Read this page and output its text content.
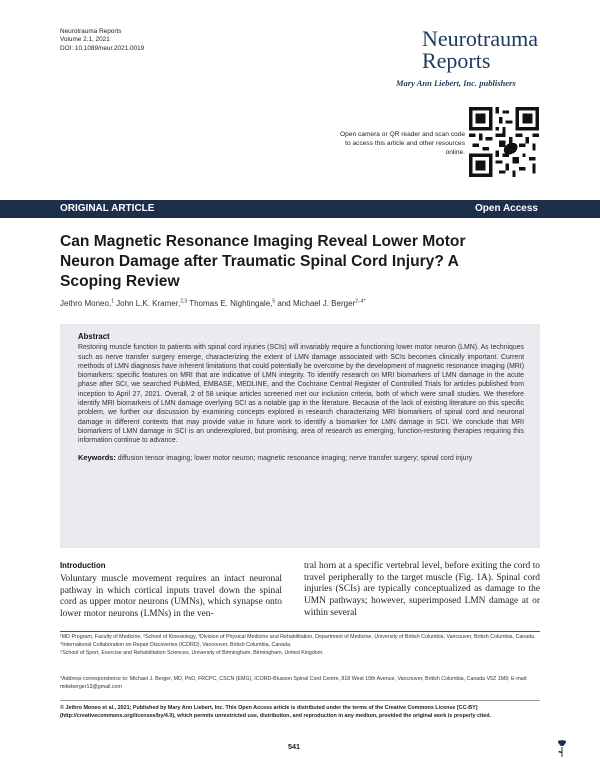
Neurotrauma Reports
Volume 2.1, 2021
DOI: 10.1089/neur.2021.0019	Neurotrauma
Reports
Mary Ann Liebert, Inc. publishers
Open camera or QR reader and scan code to access this article and other resources online.
ORIGINAL ARTICLE	Open Access
Can Magnetic Resonance Imaging Reveal Lower Motor Neuron Damage after Traumatic Spinal Cord Injury? A Scoping Review
Jethro Moneo,$^1$ John L.K. Kramer,$^{2,3}$ Thomas E. Nightingale,$^5$ and Michael J. Berger$^{2-4*}$
Abstract
Restoring muscle function to patients with spinal cord injuries (SCIs) will invariably require a functioning lower motor neuron (LMN). As techniques such as nerve transfer surgery emerge, characterizing the extent of LMN damage associated with SCIs becomes clinically important. Current methods of LMN diagnosis have inherent limitations that could potentially be overcome by the development of magnetic resonance imaging (MRI) biomarkers: specific features on MRI that are indicative of LMN integrity. To identify research on MRI biomarkers of LMN damage in the acute phase after SCI, we searched PubMed, EMBASE, MEDLINE, and the Cochrane Central Register of Controlled Trials for articles published from inception to April 27, 2021. Overall, 2 of 58 unique articles screened met our inclusion criteria, both of which were small studies. We therefore identify MRI biomarkers of LMN damage overlying SCI as a notable gap in the literature. Because of the lack of existing literature on this specific problem, we further our discussion by examining concepts explored in research characterizing MRI biomarkers of spinal cord and neuronal damage in different contexts that may provide value in future work to identify a biomarker for LMN damage in SCI. We conclude that MRI biomarkers of LMN damage in SCI is an underexplored, but promising, area of research as emerging, function-restoring therapies requiring this information continue to advance.
Keywords: diffusion tensor imaging; lower motor neuron; magnetic resonance imaging; nerve transfer surgery; spinal cord injury
Introduction
Voluntary muscle movement requires an intact neuronal pathway in which cortical inputs travel down the spinal cord as upper motor neurons (UMNs), which synapse onto lower motor neurons (LMNs) in the ven-
tral horn at a specific vertebral level, before exiting the cord to travel peripherally to the target muscle (Fig. 1A). Spinal cord injuries (SCIs) are typically conceptualized as damage to the UMN pathways; however, superimposed LMN damage at or within several
¹MD Program, Faculty of Medicine, ²School of Kinesiology, ³Division of Physical Medicine and Rehabilitation, Department of Medicine, University of British Columbia, Vancouver, British Columbia, Canada.
⁴International Collaboration on Repair Discoveries (ICORD), Vancouver, British Columbia, Canada.
⁵School of Sport, Exercise and Rehabilitation Sciences, University of Birmingham, Birmingham, United Kingdom.
*Address correspondence to: Michael J. Berger, MD, PhD, FRCPC, CSCN (EMG), ICORD-Blusson Spinal Cord Centre, 818 West 10th Avenue, Vancouver, British Columbia, Canada V5Z 1M9; E-mail: mikeberger13@gmail.com
© Jethro Moneo et al., 2021; Published by Mary Ann Liebert, Inc. This Open Access article is distributed under the terms of the Creative Commons License [CC-BY] (http://creativecommons.org/licenses/by/4.0), which permits unrestricted use, distribution, and reproduction in any medium, provided the original work is properly cited.
541
